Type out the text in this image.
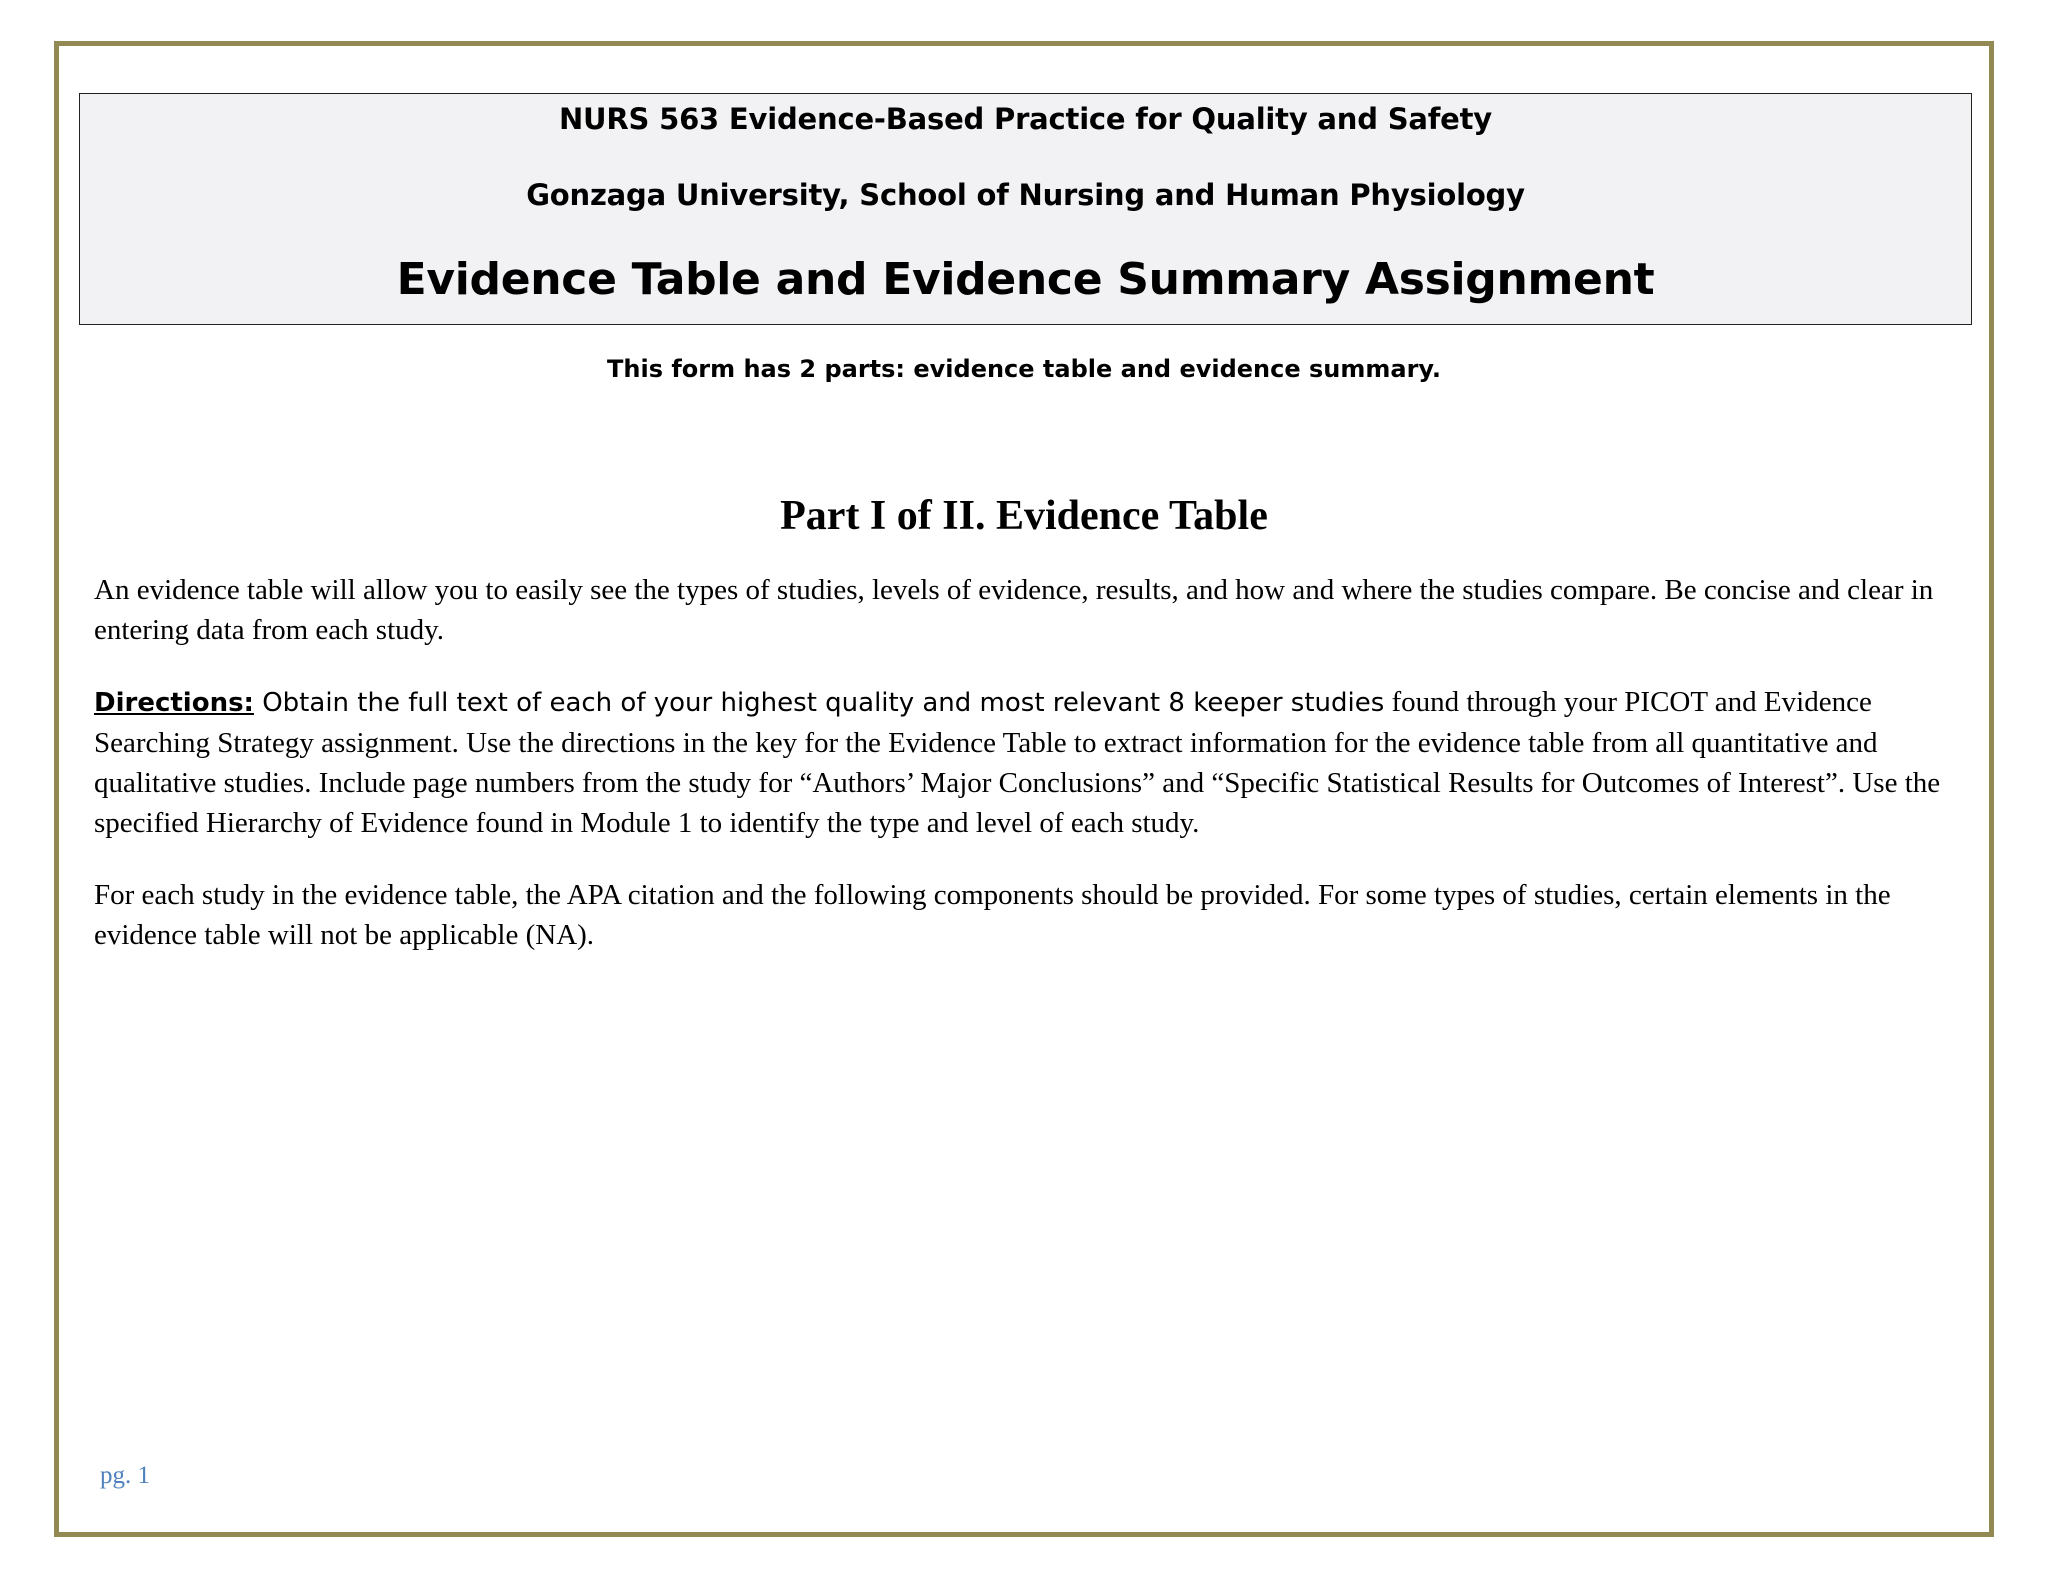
NURS 563 Evidence-Based Practice for Quality and Safety
Gonzaga University, School of Nursing and Human Physiology
Evidence Table and Evidence Summary Assignment
This form has 2 parts: evidence table and evidence summary.
Part I of II. Evidence Table

An evidence table will allow you to easily see the types of studies, levels of evidence, results, and how and where the studies compare. Be concise and clear in entering data from each study.

Directions: Obtain the full text of each of your highest quality and most relevant 8 keeper studies found through your PICOT and Evidence Searching Strategy assignment. Use the directions in the key for the Evidence Table to extract information for the evidence table from all quantitative and qualitative studies. Include page numbers from the study for “Authors’ Major Conclusions” and “Specific Statistical Results for Outcomes of Interest”. Use the specified Hierarchy of Evidence found in Module 1 to identify the type and level of each study.

For each study in the evidence table, the APA citation and the following components should be provided. For some types of studies, certain elements in the evidence table will not be applicable (NA).

pg. 1
